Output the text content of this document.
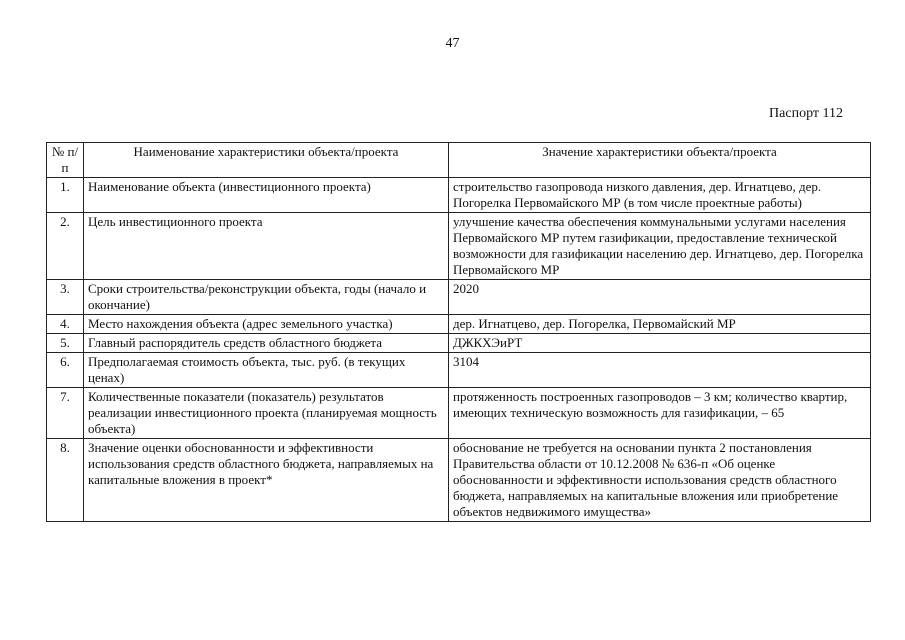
47
Паспорт 112
№ п/п	Наименование характеристики объекта/проекта	Значение характеристики объекта/проекта
1.	Наименование объекта (инвестиционного проекта)	строительство газопровода низкого давления, дер. Игнатцево, дер. Погорелка Первомайского МР (в том числе проектные работы)
2.	Цель инвестиционного проекта	улучшение качества обеспечения коммунальными услугами населения Первомайского МР путем газификации, предоставление технической возможности для газификации населению дер. Игнатцево, дер. Погорелка Первомайского МР
3.	Сроки строительства/реконструкции объекта, годы (начало и окончание)	2020
4.	Место нахождения объекта (адрес земельного участка)	дер. Игнатцево, дер. Погорелка, Первомайский МР
5.	Главный распорядитель средств областного бюджета	ДЖКХЭиРТ
6.	Предполагаемая стоимость объекта, тыс. руб. (в текущих ценах)	3104
7.	Количественные показатели (показатель) результатов реализации инвестиционного проекта (планируемая мощность объекта)	протяженность построенных газопроводов – 3 км; количество квартир, имеющих техническую возможность для газификации, – 65
8.	Значение оценки обоснованности и эффективности использования средств областного бюджета, направляемых на капитальные вложения в проект*	обоснование не требуется на основании пункта 2 постановления Правительства области от 10.12.2008 № 636-п «Об оценке обоснованности и эффективности использования средств областного бюджета, направляемых на капитальные вложения или приобретение объектов недвижимого имущества»
